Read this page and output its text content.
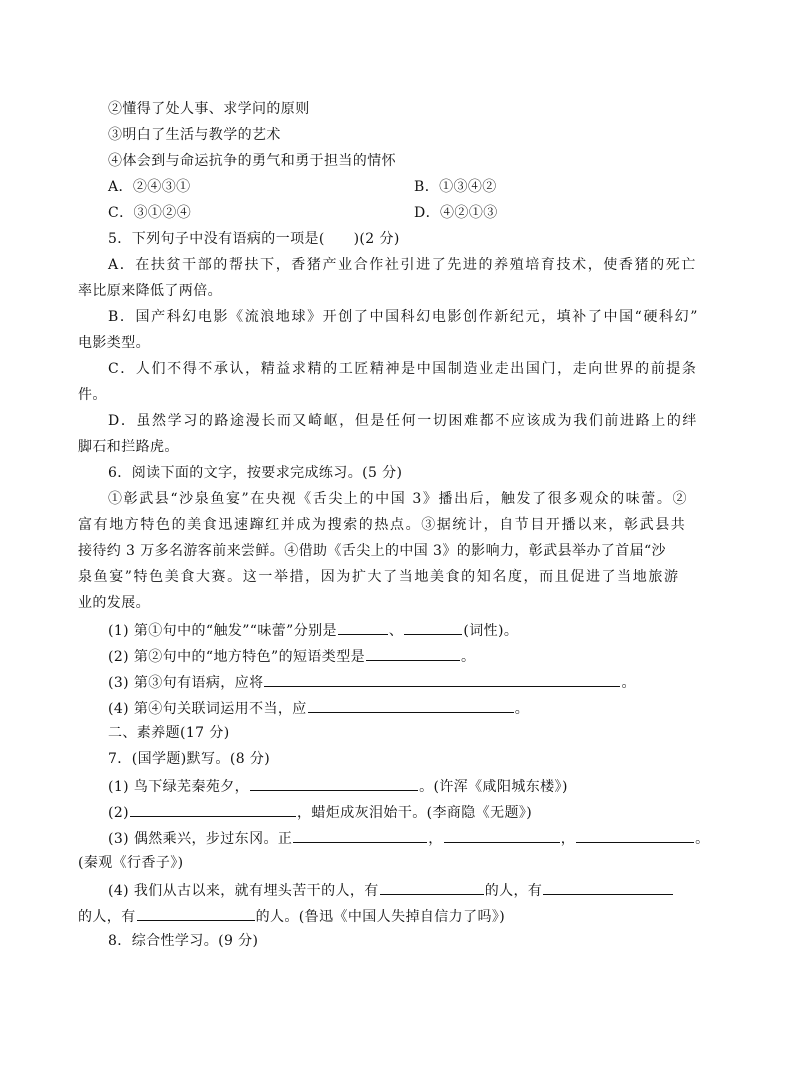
②懂得了处人事、求学问的原则
③明白了生活与教学的艺术
④体会到与命运抗争的勇气和勇于担当的情怀
A．②④③①	B．①③④②
C．③①②④	D．④②①③
5．下列句子中没有语病的一项是(　　)(2 分)
A．在扶贫干部的帮扶下，香猪产业合作社引进了先进的养殖培育技术，使香猪的死亡
率比原来降低了两倍。
B．国产科幻电影《流浪地球》开创了中国科幻电影创作新纪元，填补了中国“硬科幻”
电影类型。
C．人们不得不承认，精益求精的工匠精神是中国制造业走出国门，走向世界的前提条
件。
D．虽然学习的路途漫长而又崎岖，但是任何一切困难都不应该成为我们前进路上的绊
脚石和拦路虎。
6．阅读下面的文字，按要求完成练习。(5 分)
①彰武县“沙泉鱼宴”在央视《舌尖上的中国 3》播出后，触发了很多观众的味蕾。②
富有地方特色的美食迅速蹿红并成为搜索的热点。③据统计，自节目开播以来，彰武县共
接待约 3 万多名游客前来尝鲜。④借助《舌尖上的中国 3》的影响力，彰武县举办了首届“沙
泉鱼宴”特色美食大赛。这一举措，因为扩大了当地美食的知名度，而且促进了当地旅游
业的发展。
(1) 第①句中的“触发”“味蕾”分别是	、	(词性)。
(2) 第②句中的“地方特色”的短语类型是	。
(3) 第③句有语病，应将	。
(4) 第④句关联词运用不当，应	。
二、素养题(17 分)
7．(国学题)默写。(8 分)
(1) 鸟下绿芜秦苑夕，	。(许浑《咸阳城东楼》)
(2)	，蜡炬成灰泪始干。(李商隐《无题》)
(3) 偶然乘兴，步过东冈。正	，	，	。
(秦观《行香子》)
(4) 我们从古以来，就有埋头苦干的人，有	的人，有
的人，有	的人。(鲁迅《中国人失掉自信力了吗》)
8．综合性学习。(9 分)
